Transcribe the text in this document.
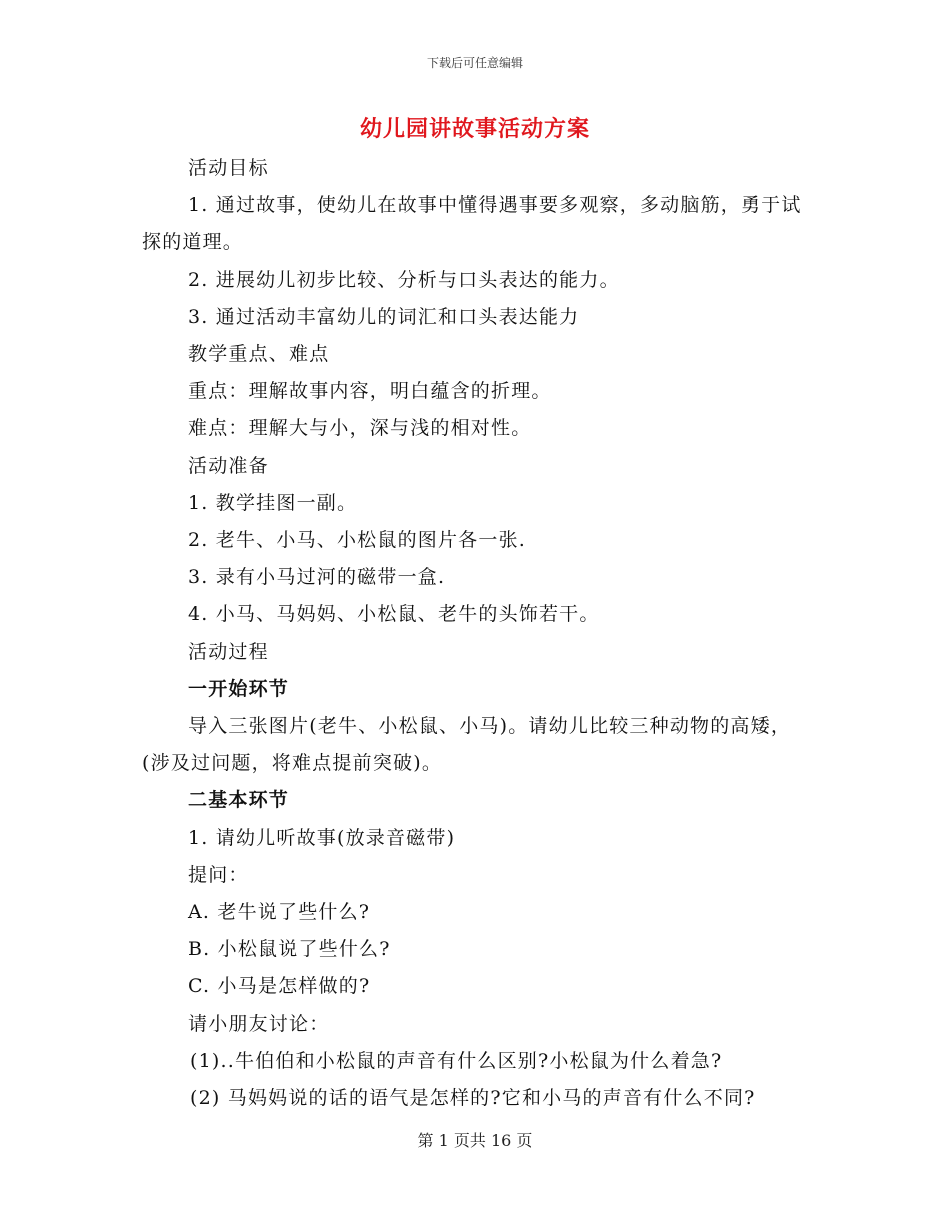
下载后可任意编辑
幼儿园讲故事活动方案

活动目标

1. 通过故事，使幼儿在故事中懂得遇事要多观察，多动脑筋，勇于试探的道理。

2. 进展幼儿初步比较、分析与口头表达的能力。

3. 通过活动丰富幼儿的词汇和口头表达能力

教学重点、难点

重点：理解故事内容，明白蕴含的折理。

难点：理解大与小，深与浅的相对性。

活动准备

1. 教学挂图一副。

2. 老牛、小马、小松鼠的图片各一张.

3. 录有小马过河的磁带一盒.

4. 小马、马妈妈、小松鼠、老牛的头饰若干。

活动过程

一开始环节

导入三张图片(老牛、小松鼠、小马)。请幼儿比较三种动物的高矮，(涉及过问题，将难点提前突破)。

二基本环节

1. 请幼儿听故事(放录音磁带)

提问：

A. 老牛说了些什么?

B. 小松鼠说了些什么?

C. 小马是怎样做的?

请小朋友讨论：

(1)..牛伯伯和小松鼠的声音有什么区别?小松鼠为什么着急?

(2) 马妈妈说的话的语气是怎样的?它和小马的声音有什么不同?

第 1 页共 16 页
